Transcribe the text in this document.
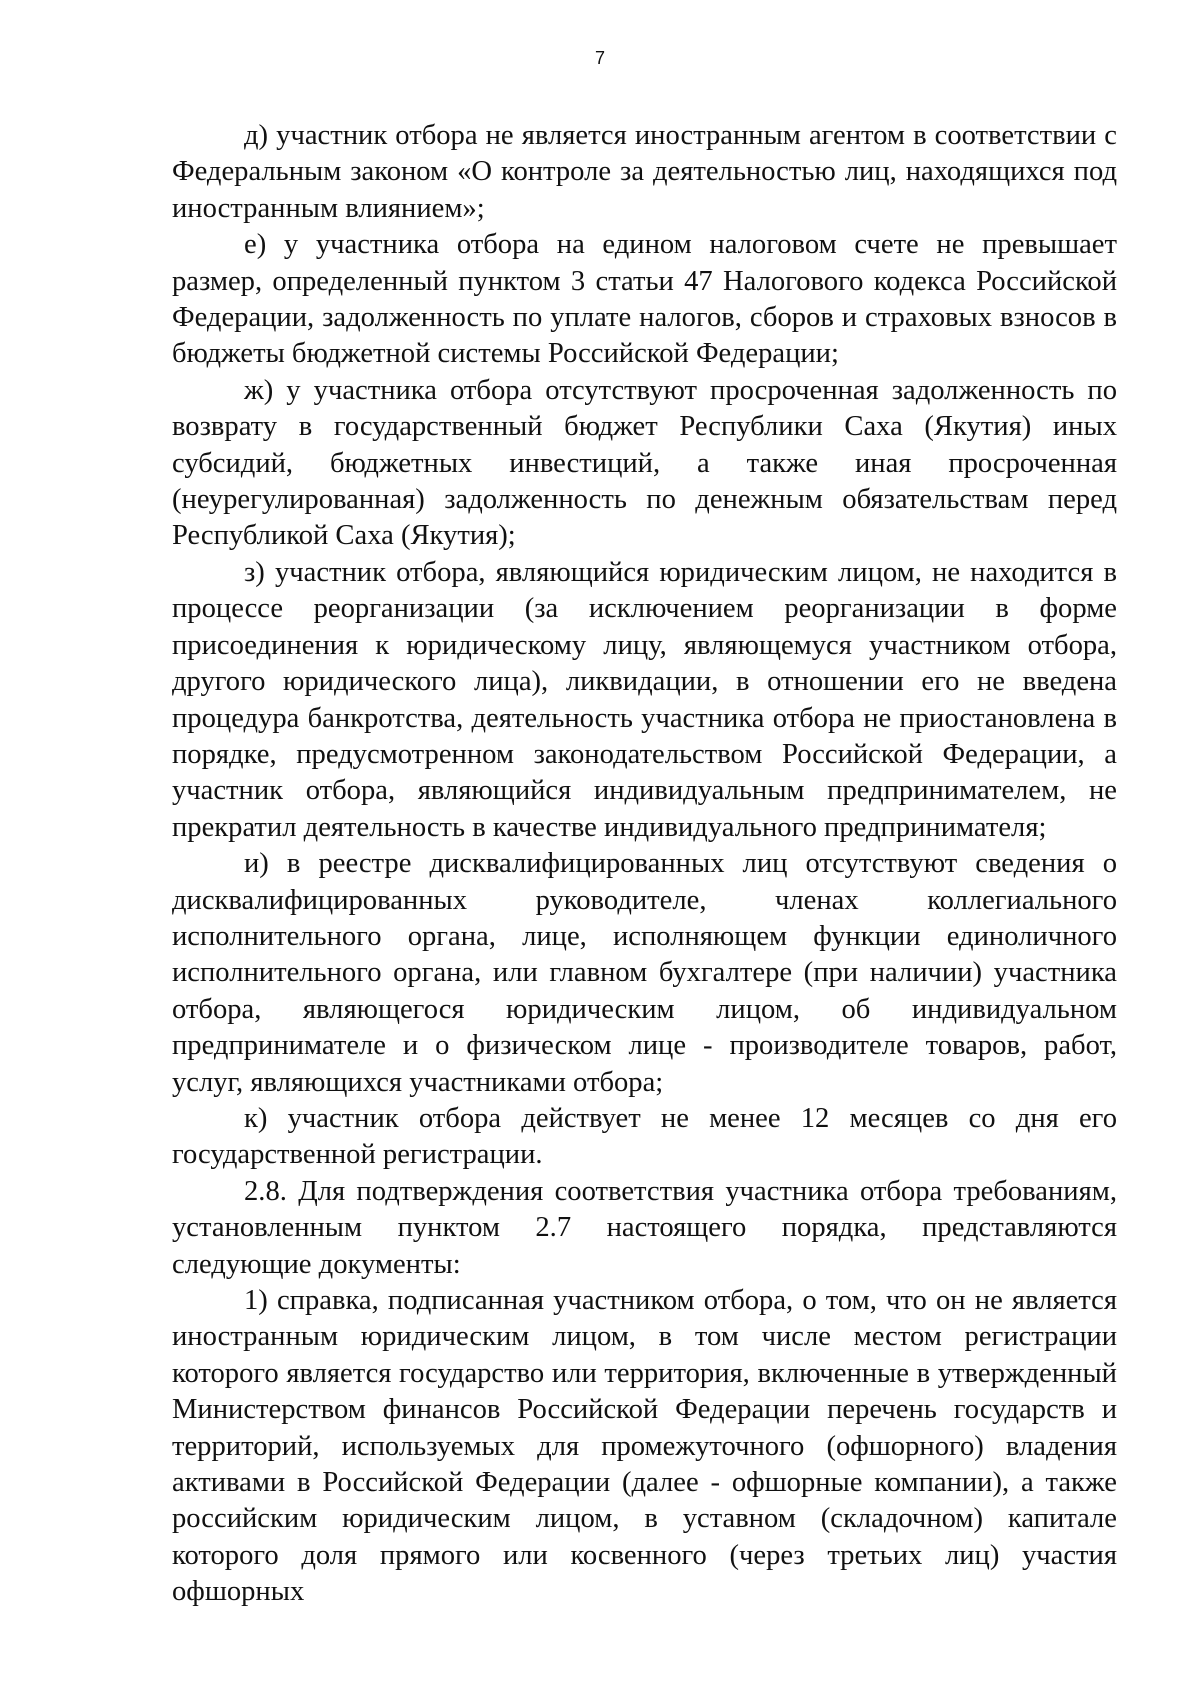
7

д) участник отбора не является иностранным агентом в соответствии с Федеральным законом «О контроле за деятельностью лиц, находящихся под иностранным влиянием»;

е) у участника отбора на едином налоговом счете не превышает размер, определенный пунктом 3 статьи 47 Налогового кодекса Российской Федерации, задолженность по уплате налогов, сборов и страховых взносов в бюджеты бюджетной системы Российской Федерации;

ж) у участника отбора отсутствуют просроченная задолженность по возврату в государственный бюджет Республики Саха (Якутия) иных субсидий, бюджетных инвестиций, а также иная просроченная (неурегулированная) задолженность по денежным обязательствам перед Республикой Саха (Якутия);

з) участник отбора, являющийся юридическим лицом, не находится в процессе реорганизации (за исключением реорганизации в форме присоединения к юридическому лицу, являющемуся участником отбора, другого юридического лица), ликвидации, в отношении его не введена процедура банкротства, деятельность участника отбора не приостановлена в порядке, предусмотренном законодательством Российской Федерации, а участник отбора, являющийся индивидуальным предпринимателем, не прекратил деятельность в качестве индивидуального предпринимателя;

и) в реестре дисквалифицированных лиц отсутствуют сведения о дисквалифицированных руководителе, членах коллегиального исполнительного органа, лице, исполняющем функции единоличного исполнительного органа, или главном бухгалтере (при наличии) участника отбора, являющегося юридическим лицом, об индивидуальном предпринимателе и о физическом лице - производителе товаров, работ, услуг, являющихся участниками отбора;

к) участник отбора действует не менее 12 месяцев со дня его государственной регистрации.

2.8. Для подтверждения соответствия участника отбора требованиям, установленным пунктом 2.7 настоящего порядка, представляются следующие документы:

1) справка, подписанная участником отбора, о том, что он не является иностранным юридическим лицом, в том числе местом регистрации которого является государство или территория, включенные в утвержденный Министерством финансов Российской Федерации перечень государств и территорий, используемых для промежуточного (офшорного) владения активами в Российской Федерации (далее - офшорные компании), а также российским юридическим лицом, в уставном (складочном) капитале которого доля прямого или косвенного (через третьих лиц) участия офшорных
